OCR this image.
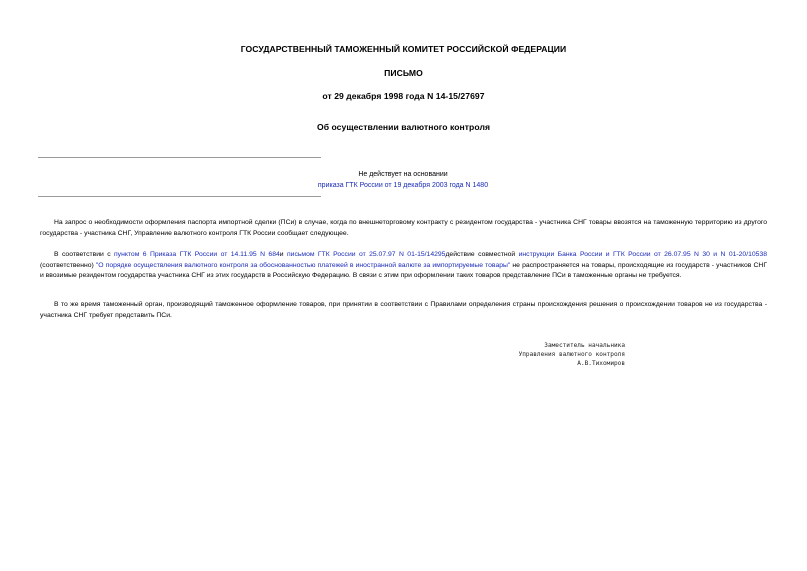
ГОСУДАРСТВЕННЫЙ ТАМОЖЕННЫЙ КОМИТЕТ РОССИЙСКОЙ ФЕДЕРАЦИИ
ПИСЬМО
от 29 декабря 1998 года N 14-15/27697
Об осуществлении валютного контроля
Не действует на основании
приказа ГТК России от 19 декабря 2003 года N 1480

На запрос о необходимости оформления паспорта импортной сделки (ПСи) в случае, когда по внешнеторговому контракту с резидентом государства - участника СНГ товары ввозятся на таможенную территорию из другого государства - участника СНГ, Управление валютного контроля ГТК России сообщает следующее.

В соответствии с пунктом 6 Приказа ГТК России от 14.11.95 N 684и письмом ГТК России от 25.07.97 N 01-15/14295действие совместной инструкции Банка России и ГТК России от 26.07.95 N 30 и N 01-20/10538 (соответственно) "О порядке осуществления валютного контроля за обоснованностью платежей в иностранной валюте за импортируемые товары" не распространяется на товары, происходящие из государств - участников СНГ и ввозимые резидентом государства участника СНГ из этих государств в Российскую Федерацию. В связи с этим при оформлении таких товаров представление ПСи в таможенные органы не требуется.

В то же время таможенный орган, производящий таможенное оформление товаров, при принятии в соответствии с Правилами определения страны происхождения решения о происхождении товаров не из государства - участника СНГ требует представить ПСи.

Заместитель начальника
Управления валютного контроля
А.В.Тихомиров
